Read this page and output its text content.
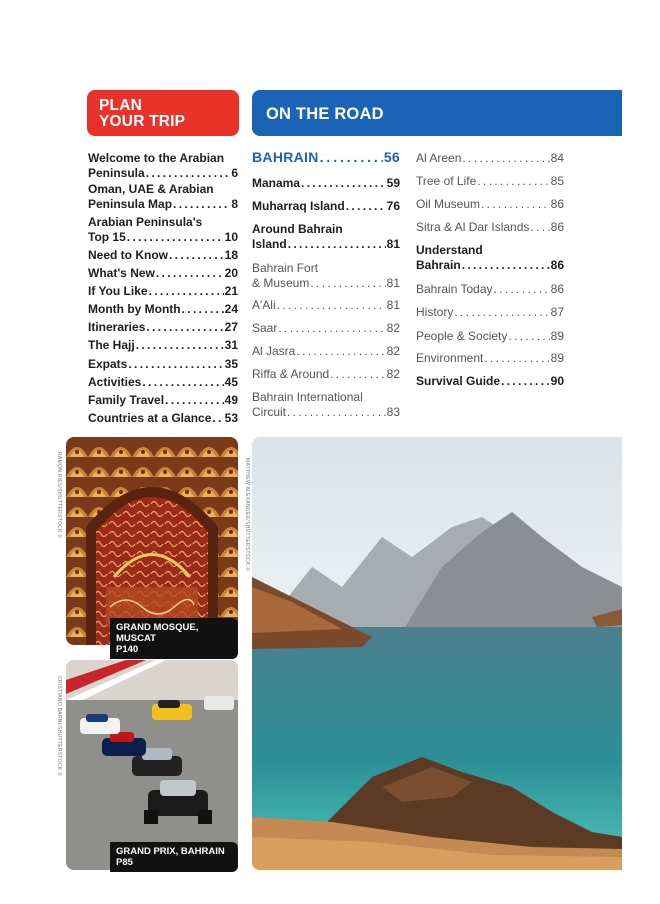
PLAN
YOUR TRIP	ON THE ROAD
Welcome to the Arabian
Peninsula . . .	6
Oman, UAE & Arabian
Peninsula Map . . .	8
Arabian Peninsula's
Top 15 . . .	10
Need to Know . . .	18
What's New . . .	20
If You Like . . .	21
Month by Month . . .	24
Itineraries . . .	27
The Hajj . . .	31
Expats . . .	35
Activities . . .	45
Family Travel . . .	49
Countries at a Glance . . . 53
BAHRAIN . . .	56
Manama . . .	59
Muharraq Island . . .	76
Around Bahrain
Island . . .	81
Bahrain Fort
& Museum . . .	81
A'Ali . . .	81
Saar . . .	82
Al Jasra . . .	82
Riffa & Around . . .	82
Bahrain International
Circuit . . .	83
Al Areen . . .	84
Tree of Life . . .	85
Oil Museum . . .	86
Sitra & Al Dar Islands . . . 86
Understand
Bahrain . . .	86
Bahrain Today . . .	86
History . . .	87
People & Society . . .	89
Environment . . .	89
Survival Guide . . .	90
RAMON RIES/SHUTTERSTOCK ©
CRISTIANO BARNI/SHUTTERSTOCK ©
MATTHEW ALEXANDER/SHUTTERSTOCK ©
GRAND MOSQUE, MUSCAT
P140
GRAND PRIX, BAHRAIN P85
